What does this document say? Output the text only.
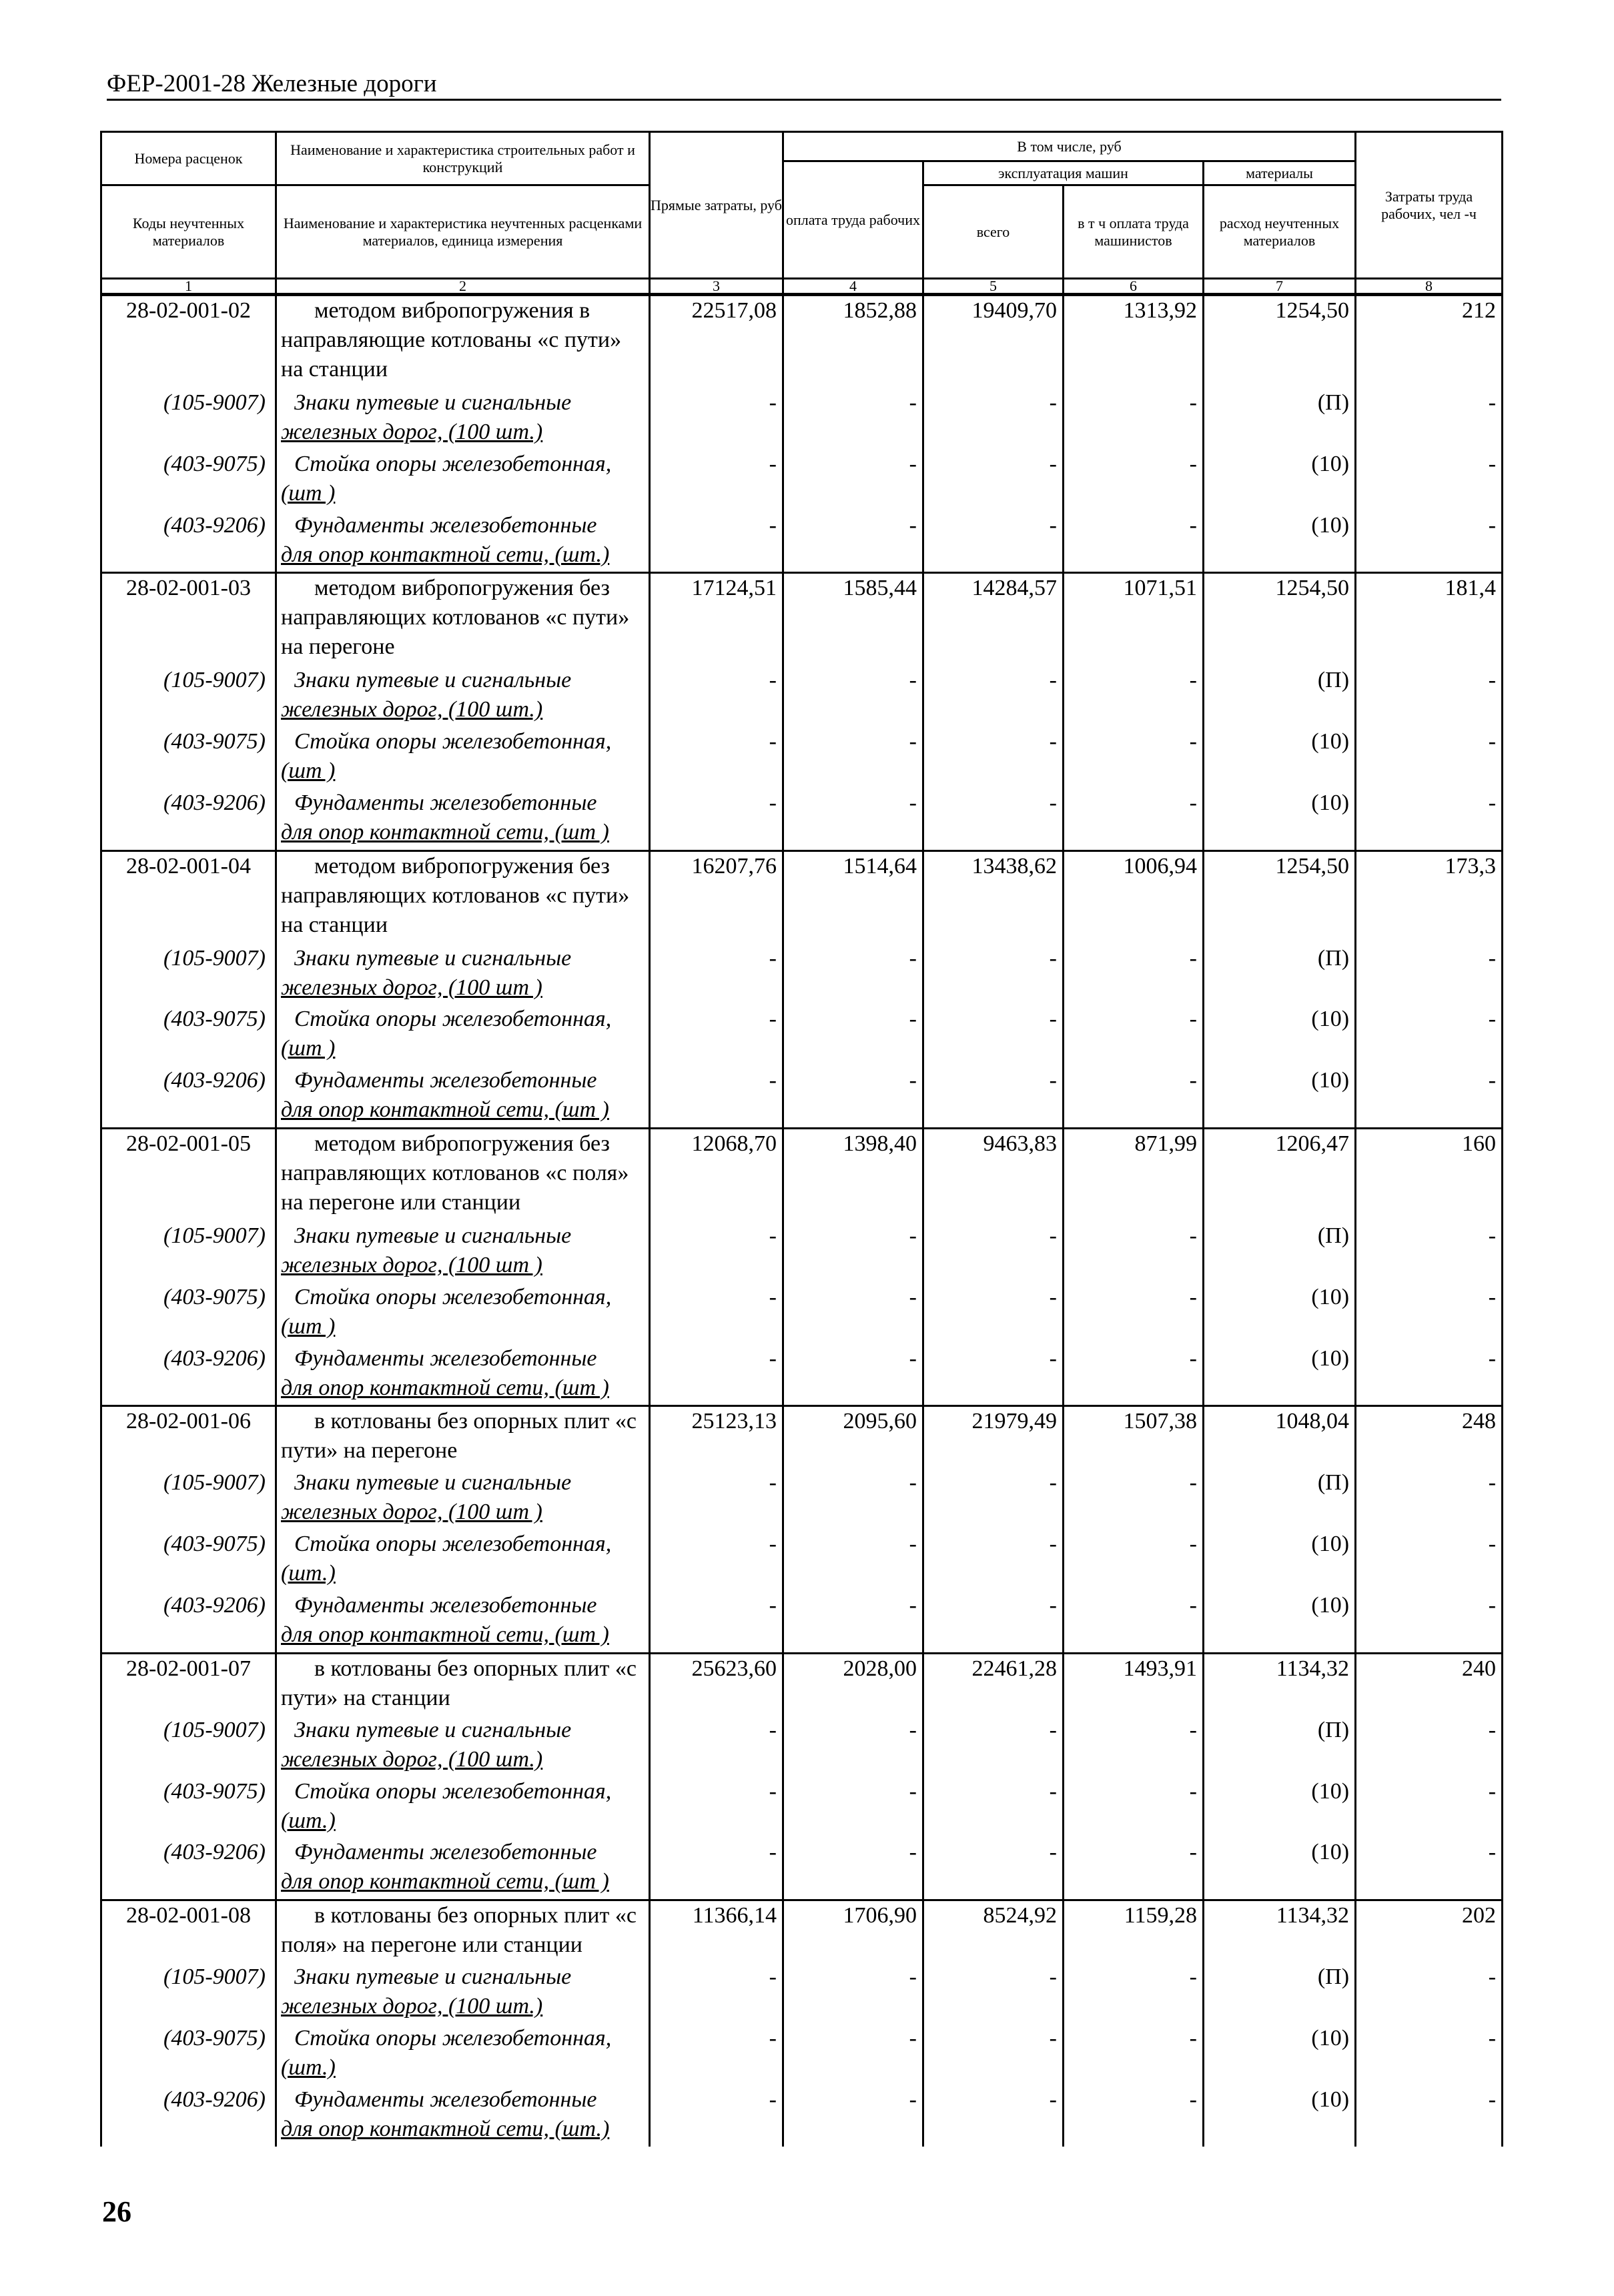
ФЕР-2001-28 Железные дороги
Номера расценок	Наименование и характеристика строительных работ и конструкций	Прямые затраты, руб	В том числе, руб				Затраты труда рабочих, чел -ч
			оплата труда рабочих	эксплуатация машин		материалы	
Коды неучтенных материалов	Наименование и характеристика неучтенных расценками материалов, единица измерения			всего	в т ч оплата труда машинистов	расход неучтенных материалов	

1	2	3	4	5	6	7	8
28-02-001-02	методом вибропогружения в направляющие котлованы «с пути» на станции	22517,08	1852,88	19409,70	1313,92	1254,50	212
(105-9007)	Знаки путевые и сигнальные
железных дорог, (100 шт.)	-	-	-	-	(П)	-
(403-9075)	Стойка опоры железобетонная,
(шт )	-	-	-	-	(10)	-
(403-9206)	Фундаменты железобетонные
для опор контактной сети, (шт.)	-	-	-	-	(10)	-
28-02-001-03	методом вибропогружения без направляющих котлованов «с пути» на перегоне	17124,51	1585,44	14284,57	1071,51	1254,50	181,4
(105-9007)	Знаки путевые и сигнальные
железных дорог, (100 шт.)	-	-	-	-	(П)	-
(403-9075)	Стойка опоры железобетонная,
(шт )	-	-	-	-	(10)	-
(403-9206)	Фундаменты железобетонные
для опор контактной сети, (шт )	-	-	-	-	(10)	-
28-02-001-04	методом вибропогружения без направляющих котлованов «с пути» на станции	16207,76	1514,64	13438,62	1006,94	1254,50	173,3
(105-9007)	Знаки путевые и сигнальные
железных дорог, (100 шт )	-	-	-	-	(П)	-
(403-9075)	Стойка опоры железобетонная,
(шт )	-	-	-	-	(10)	-
(403-9206)	Фундаменты железобетонные
для опор контактной сети, (шт )	-	-	-	-	(10)	-
28-02-001-05	методом вибропогружения без направляющих котлованов «с поля» на перегоне или станции	12068,70	1398,40	9463,83	871,99	1206,47	160
(105-9007)	Знаки путевые и сигнальные
железных дорог, (100 шт )	-	-	-	-	(П)	-
(403-9075)	Стойка опоры железобетонная,
(шт )	-	-	-	-	(10)	-
(403-9206)	Фундаменты железобетонные
для опор контактной сети, (шт )	-	-	-	-	(10)	-
28-02-001-06	в котлованы без опорных плит «с пути» на перегоне	25123,13	2095,60	21979,49	1507,38	1048,04	248
(105-9007)	Знаки путевые и сигнальные
железных дорог, (100 шт )	-	-	-	-	(П)	-
(403-9075)	Стойка опоры железобетонная,
(шт.)	-	-	-	-	(10)	-
(403-9206)	Фундаменты железобетонные
для опор контактной сети, (шт )	-	-	-	-	(10)	-
28-02-001-07	в котлованы без опорных плит «с пути» на станции	25623,60	2028,00	22461,28	1493,91	1134,32	240
(105-9007)	Знаки путевые и сигнальные
железных дорог, (100 шт.)	-	-	-	-	(П)	-
(403-9075)	Стойка опоры железобетонная,
(шт.)	-	-	-	-	(10)	-
(403-9206)	Фундаменты железобетонные
для опор контактной сети, (шт )	-	-	-	-	(10)	-
28-02-001-08	в котлованы без опорных плит «с поля» на перегоне или станции	11366,14	1706,90	8524,92	1159,28	1134,32	202
(105-9007)	Знаки путевые и сигнальные
железных дорог, (100 шт.)	-	-	-	-	(П)	-
(403-9075)	Стойка опоры железобетонная,
(шт.)	-	-	-	-	(10)	-
(403-9206)	Фундаменты железобетонные
для опор контактной сети, (шт.)	-	-	-	-	(10)	-

26
